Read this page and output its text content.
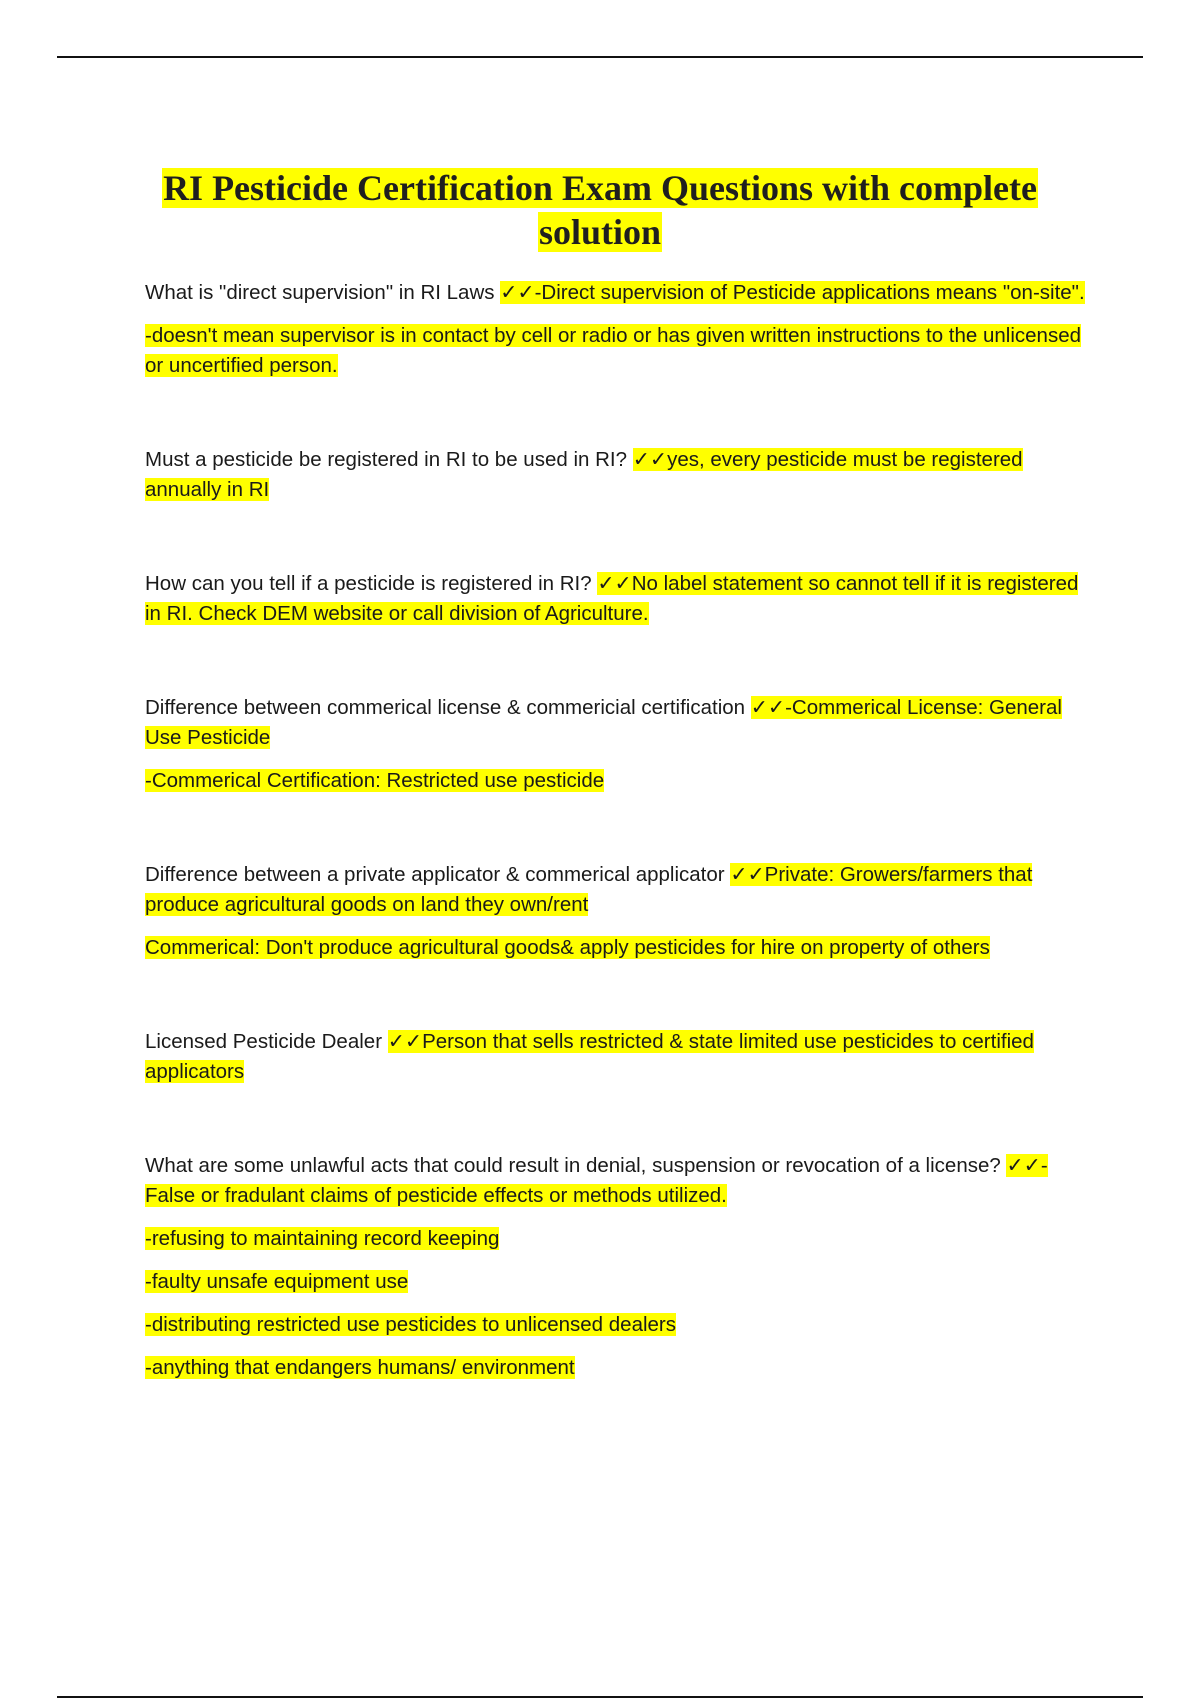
RI Pesticide Certification Exam Questions with complete solution

What is "direct supervision" in RI Laws ✓✓-Direct supervision of Pesticide applications means "on-site".

-doesn't mean supervisor is in contact by cell or radio or has given written instructions to the unlicensed or uncertified person.

Must a pesticide be registered in RI to be used in RI? ✓✓yes, every pesticide must be registered annually in RI

How can you tell if a pesticide is registered in RI? ✓✓No label statement so cannot tell if it is registered in RI. Check DEM website or call division of Agriculture.

Difference between commerical license & commericial certification ✓✓-Commerical License: General Use Pesticide

-Commerical Certification: Restricted use pesticide

Difference between a private applicator & commerical applicator ✓✓Private: Growers/farmers that produce agricultural goods on land they own/rent

Commerical: Don't produce agricultural goods& apply pesticides for hire on property of others

Licensed Pesticide Dealer ✓✓Person that sells restricted & state limited use pesticides to certified applicators

What are some unlawful acts that could result in denial, suspension or revocation of a license? ✓✓-False or fradulant claims of pesticide effects or methods utilized.

-refusing to maintaining record keeping

-faulty unsafe equipment use

-distributing restricted use pesticides to unlicensed dealers

-anything that endangers humans/ environment
